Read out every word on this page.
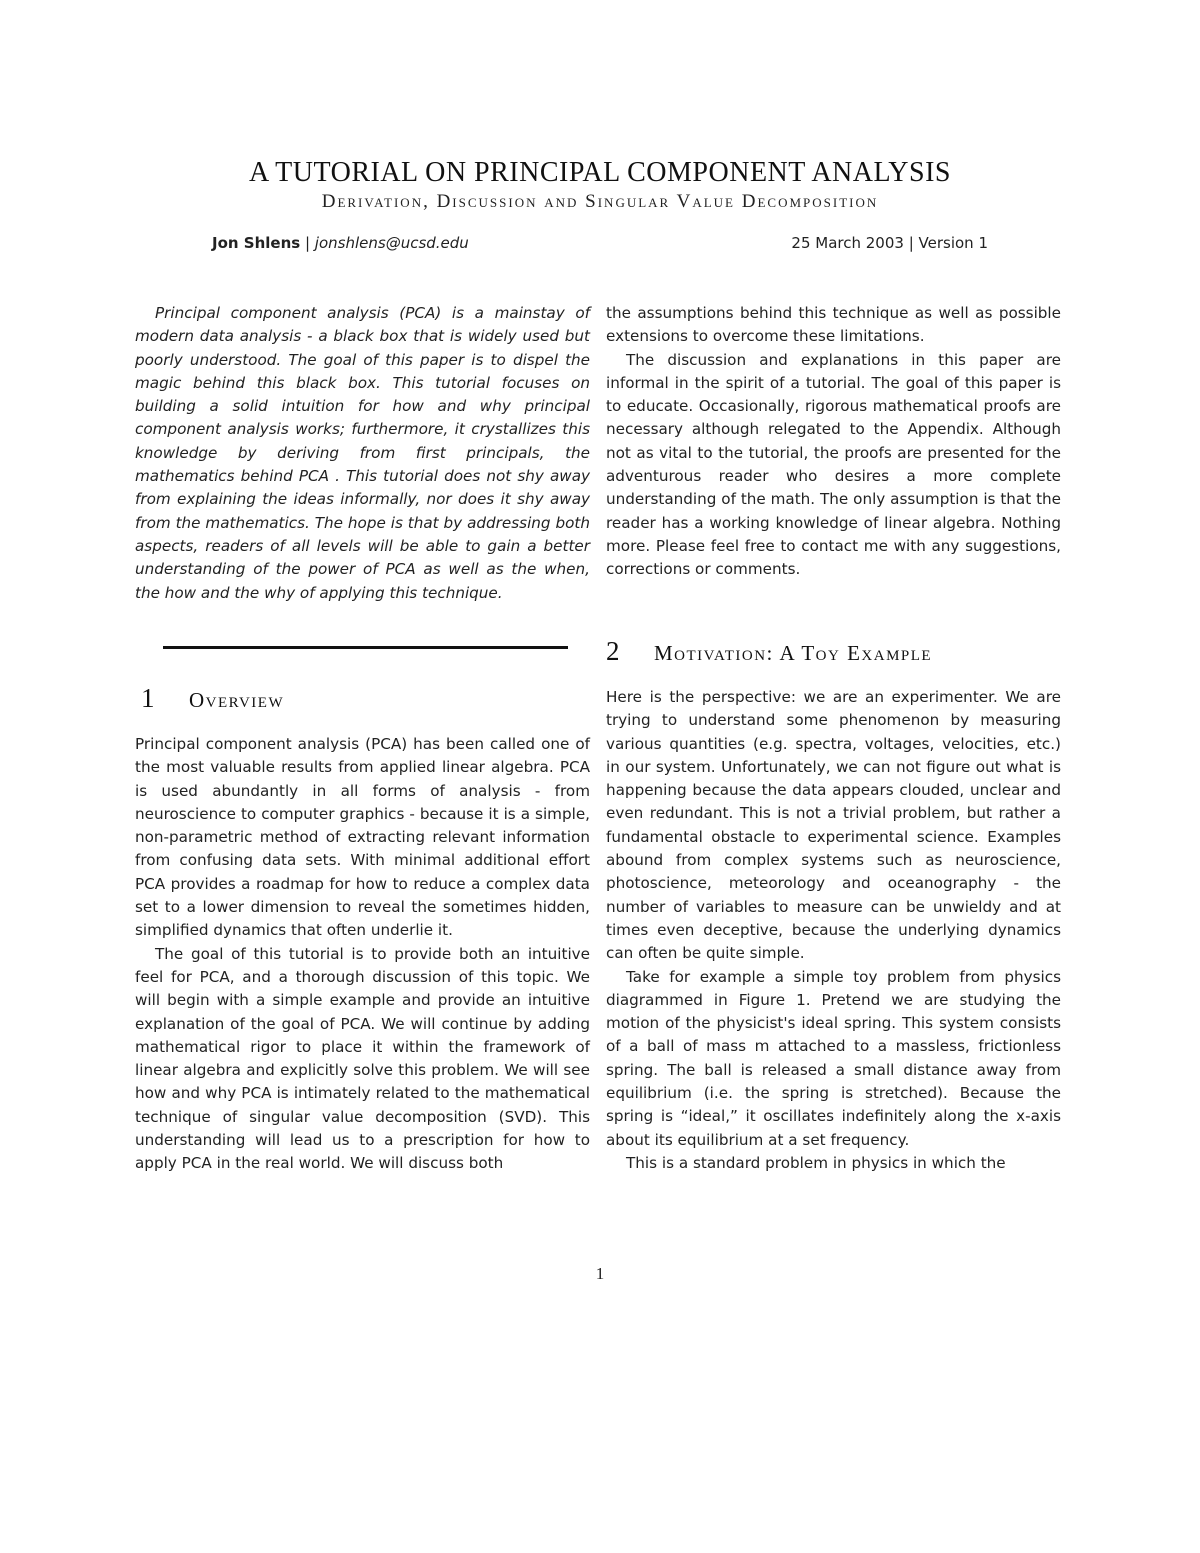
A TUTORIAL ON PRINCIPAL COMPONENT ANALYSIS
Derivation, Discussion and Singular Value Decomposition
Jon Shlens | jonshlens@ucsd.edu	25 March 2003 | Version 1

Principal component analysis (PCA) is a mainstay of modern data analysis - a black box that is widely used but poorly understood. The goal of this paper is to dispel the magic behind this black box. This tutorial focuses on building a solid intuition for how and why principal component analysis works; furthermore, it crystallizes this knowledge by deriving from first principals, the mathematics behind PCA . This tutorial does not shy away from explaining the ideas informally, nor does it shy away from the mathematics. The hope is that by addressing both aspects, readers of all levels will be able to gain a better understanding of the power of PCA as well as the when, the how and the why of applying this technique.

1	Overview

Principal component analysis (PCA) has been called one of the most valuable results from applied linear algebra. PCA is used abundantly in all forms of analysis - from neuroscience to computer graphics - because it is a simple, non-parametric method of extracting relevant information from confusing data sets. With minimal additional effort PCA provides a roadmap for how to reduce a complex data set to a lower dimension to reveal the sometimes hidden, simplified dynamics that often underlie it.

The goal of this tutorial is to provide both an intuitive feel for PCA, and a thorough discussion of this topic. We will begin with a simple example and provide an intuitive explanation of the goal of PCA. We will continue by adding mathematical rigor to place it within the framework of linear algebra and explicitly solve this problem. We will see how and why PCA is intimately related to the mathematical technique of singular value decomposition (SVD). This understanding will lead us to a prescription for how to apply PCA in the real world. We will discuss both

the assumptions behind this technique as well as possible extensions to overcome these limitations.

The discussion and explanations in this paper are informal in the spirit of a tutorial. The goal of this paper is to educate. Occasionally, rigorous mathematical proofs are necessary although relegated to the Appendix. Although not as vital to the tutorial, the proofs are presented for the adventurous reader who desires a more complete understanding of the math. The only assumption is that the reader has a working knowledge of linear algebra. Nothing more. Please feel free to contact me with any suggestions, corrections or comments.

2	Motivation: A Toy Example

Here is the perspective: we are an experimenter. We are trying to understand some phenomenon by measuring various quantities (e.g. spectra, voltages, velocities, etc.) in our system. Unfortunately, we can not figure out what is happening because the data appears clouded, unclear and even redundant. This is not a trivial problem, but rather a fundamental obstacle to experimental science. Examples abound from complex systems such as neuroscience, photoscience, meteorology and oceanography - the number of variables to measure can be unwieldy and at times even deceptive, because the underlying dynamics can often be quite simple.

Take for example a simple toy problem from physics diagrammed in Figure 1. Pretend we are studying the motion of the physicist's ideal spring. This system consists of a ball of mass m attached to a massless, frictionless spring. The ball is released a small distance away from equilibrium (i.e. the spring is stretched). Because the spring is “ideal,” it oscillates indefinitely along the x-axis about its equilibrium at a set frequency.

This is a standard problem in physics in which the

1
